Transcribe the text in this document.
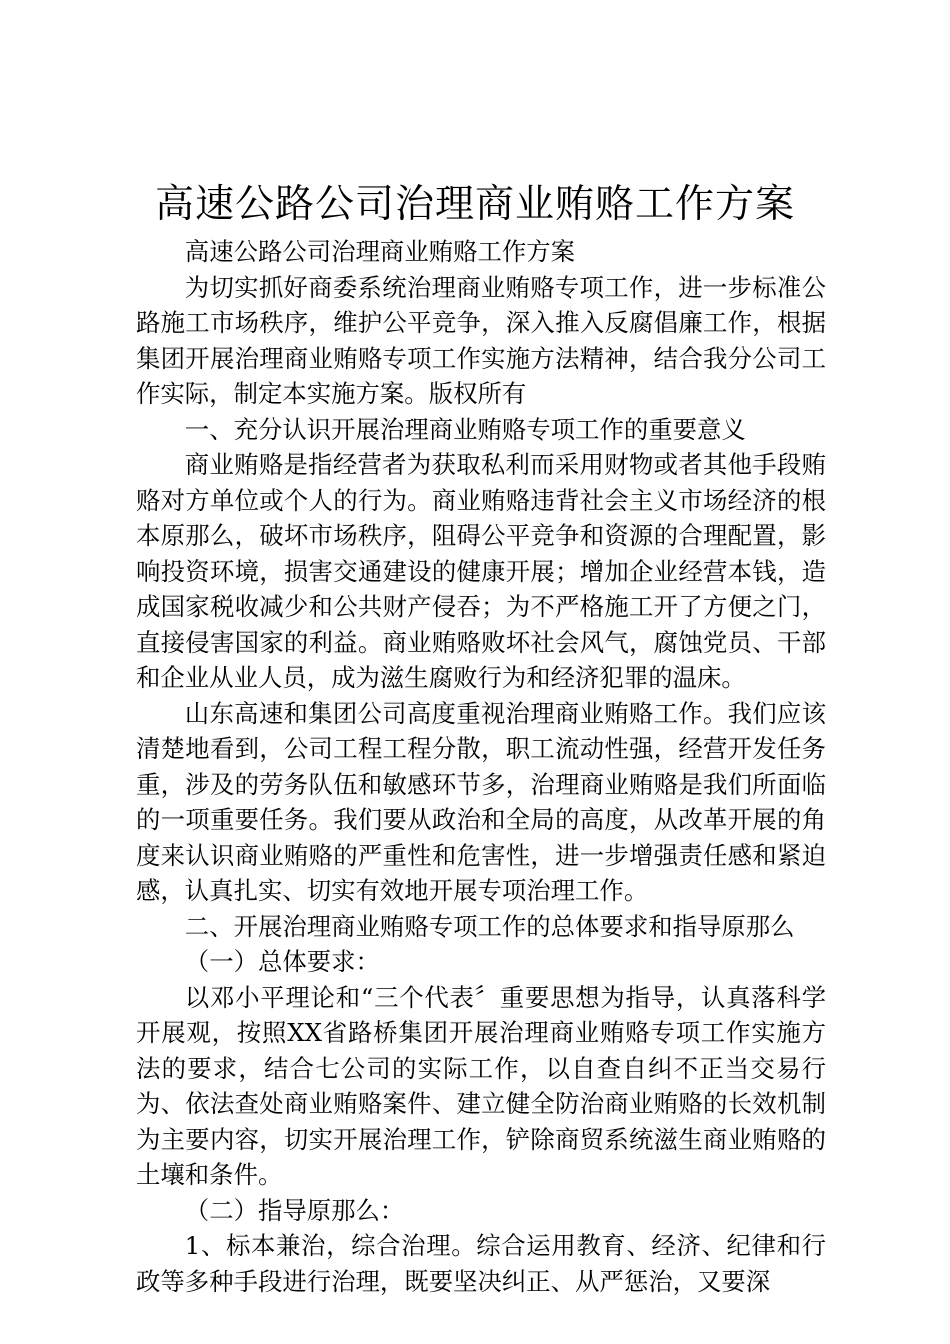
高速公路公司治理商业贿赂工作方案

高速公路公司治理商业贿赂工作方案

为切实抓好商委系统治理商业贿赂专项工作，进一步标准公路施工市场秩序，维护公平竞争，深入推入反腐倡廉工作，根据集团开展治理商业贿赂专项工作实施方法精神，结合我分公司工作实际，制定本实施方案。版权所有

一、充分认识开展治理商业贿赂专项工作的重要意义

商业贿赂是指经营者为获取私利而采用财物或者其他手段贿赂对方单位或个人的行为。商业贿赂违背社会主义市场经济的根本原那么，破坏市场秩序，阻碍公平竞争和资源的合理配置，影响投资环境，损害交通建设的健康开展；增加企业经营本钱，造成国家税收减少和公共财产侵吞；为不严格施工开了方便之门，直接侵害国家的利益。商业贿赂败坏社会风气，腐蚀党员、干部和企业从业人员，成为滋生腐败行为和经济犯罪的温床。

山东高速和集团公司高度重视治理商业贿赂工作。我们应该清楚地看到，公司工程工程分散，职工流动性强，经营开发任务重，涉及的劳务队伍和敏感环节多，治理商业贿赂是我们所面临的一项重要任务。我们要从政治和全局的高度，从改革开展的角度来认识商业贿赂的严重性和危害性，进一步增强责任感和紧迫感，认真扎实、切实有效地开展专项治理工作。

二、开展治理商业贿赂专项工作的总体要求和指导原那么

（一）总体要求：

以邓小平理论和“三个代表〞重要思想为指导，认真落科学开展观，按照XX省路桥集团开展治理商业贿赂专项工作实施方法的要求，结合七公司的实际工作，以自查自纠不正当交易行为、依法查处商业贿赂案件、建立健全防治商业贿赂的长效机制为主要内容，切实开展治理工作，铲除商贸系统滋生商业贿赂的土壤和条件。

（二）指导原那么：

1、标本兼治，综合治理。综合运用教育、经济、纪律和行政等多种手段进行治理，既要坚决纠正、从严惩治，又要深
